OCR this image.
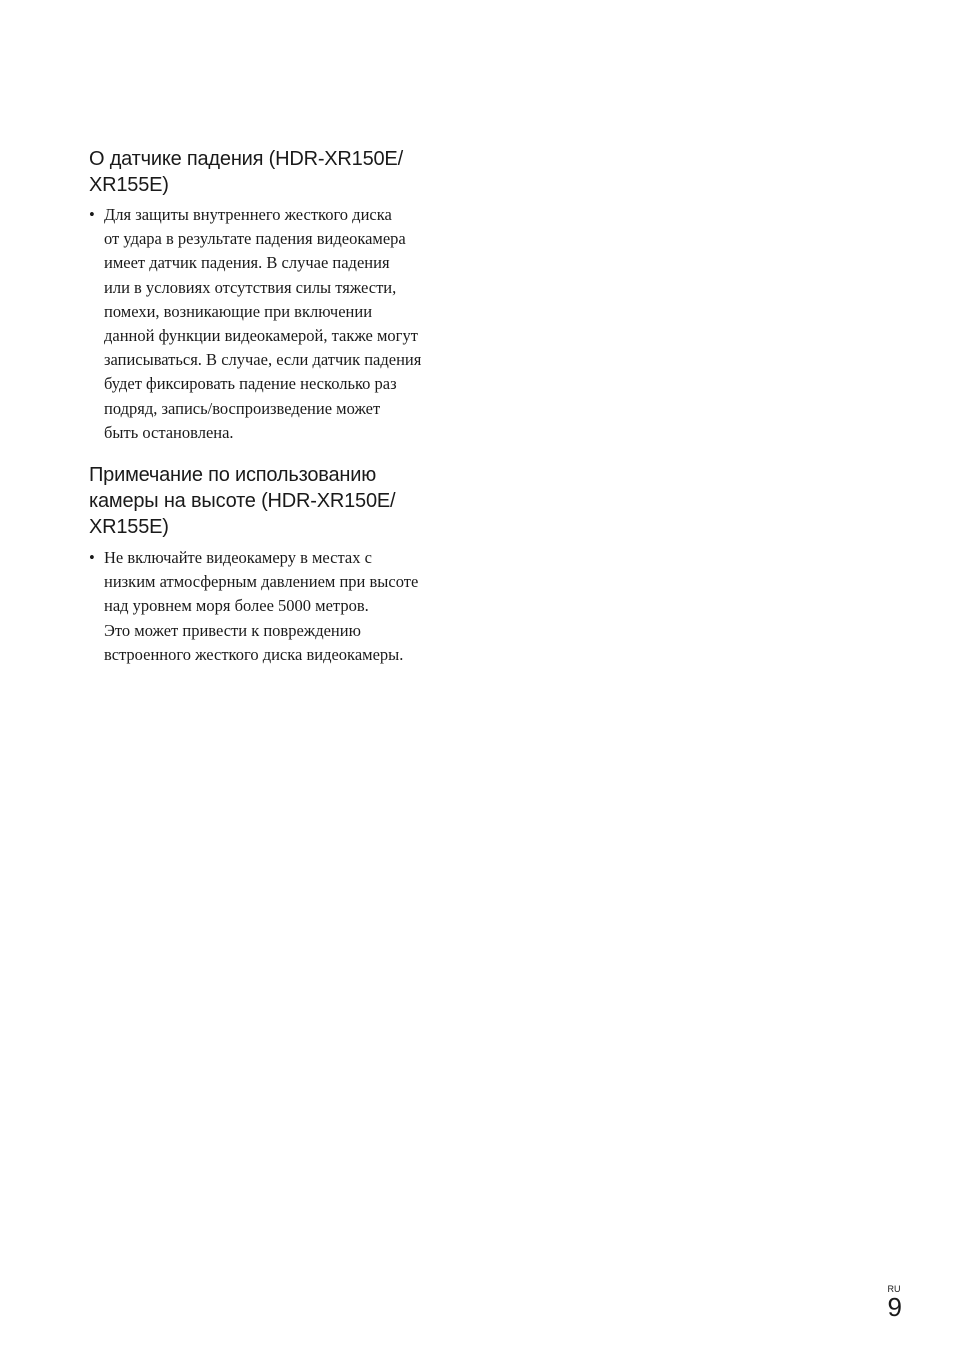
О датчике падения (HDR-XR150E/
XR155E)
• Для защиты внутреннего жесткого диска
от удара в результате падения видеокамера
имеет датчик падения. В случае падения
или в условиях отсутствия силы тяжести,
помехи, возникающие при включении
данной функции видеокамерой, также могут
записываться. В случае, если датчик падения
будет фиксировать падение несколько раз
подряд, запись/воспроизведение может
быть остановлена.
Примечание по использованию
камеры на высоте (HDR-XR150E/
XR155E)
• Не включайте видеокамеру в местах с
низким атмосферным давлением при высоте
над уровнем моря более 5000 метров.
Это может привести к повреждению
встроенного жесткого диска видеокамеры.
RU
9
